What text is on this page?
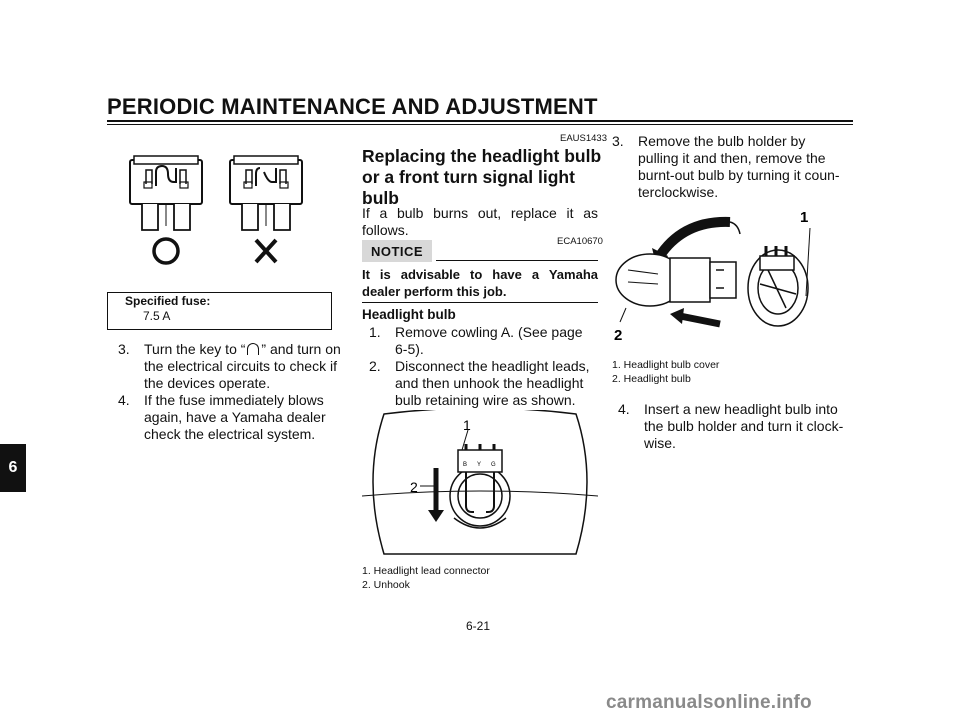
PERIODIC MAINTENANCE AND ADJUSTMENT
6
Specified fuse:
7.5 A
3. Turn the key to “ ” and turn on
the electrical circuits to check if
the devices operate.
4. If the fuse immediately blows
again, have a Yamaha dealer
check the electrical system.
EAUS1433
Replacing the headlight bulb
or a front turn signal light
bulb
If a bulb burns out, replace it as follows.
ECA10670
NOTICE
It is advisable to have a Yamaha dealer perform this job.
Headlight bulb
1. Remove cowling A. (See page
6-5).
2. Disconnect the headlight leads,
and then unhook the headlight
bulb retaining wire as shown.
B Y G
1
2
1. Headlight lead connector
2. Unhook
3. Remove the bulb holder by
pulling it and then, remove the
burnt-out bulb by turning it coun-
terclockwise.
1
2
1. Headlight bulb cover
2. Headlight bulb
4. Insert a new headlight bulb into
the bulb holder and turn it clock-
wise.
6-21
carmanualsonline.info
